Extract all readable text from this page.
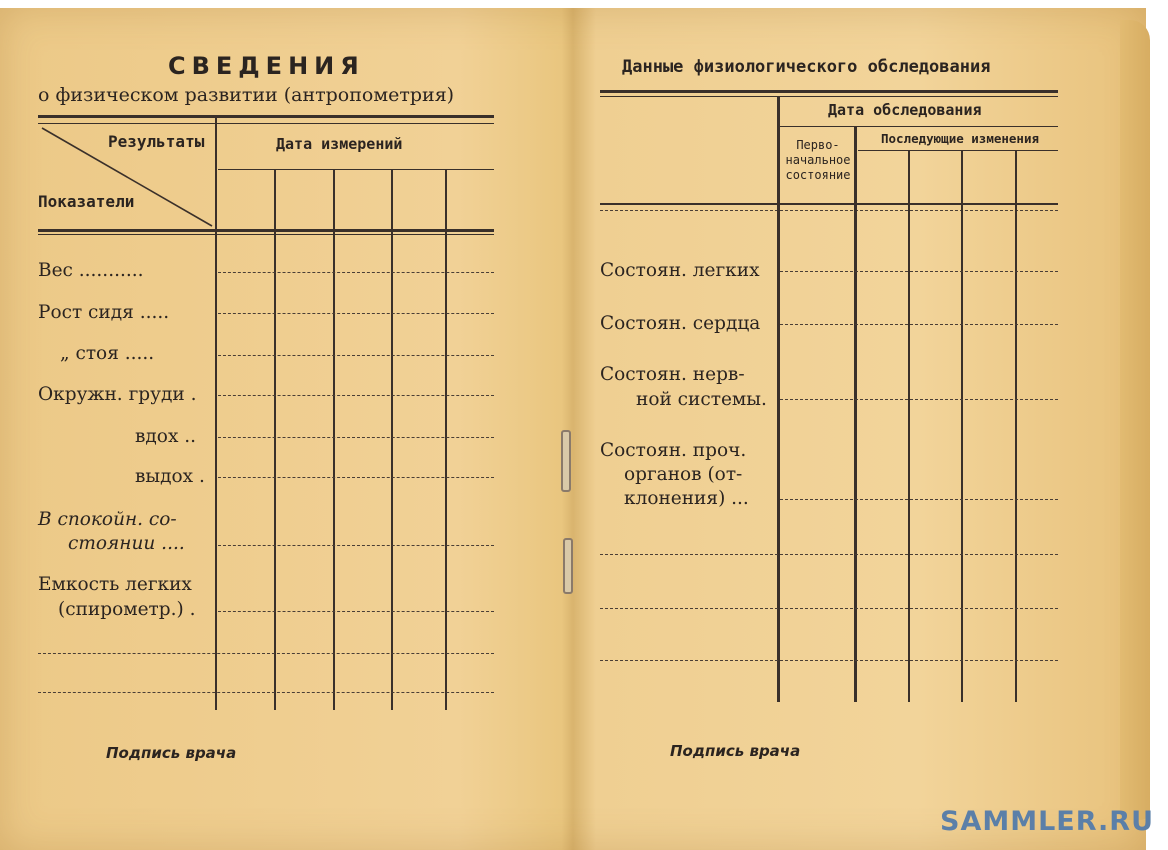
СВЕДЕНИЯ
о физическом развитии (антропометрия)
Результаты
Показатели
Дата измерений
Вес ...........
Рост сидя .....
„ стоя .....
Окружн. груди .
вдох ..
выдох .
В спокойн. со-
стоянии ....
Емкость легких
(спирометр.) .
Подпись врача
Данные физиологического обследования
Дата обследования
Перво-
начальное
состояние
Последующие изменения
Состоян. легких
Состоян. сердца
Состоян. нерв-
ной системы.
Состоян. проч.
органов (от-
клонения) ...
Подпись врача
SAMMLER.RU
